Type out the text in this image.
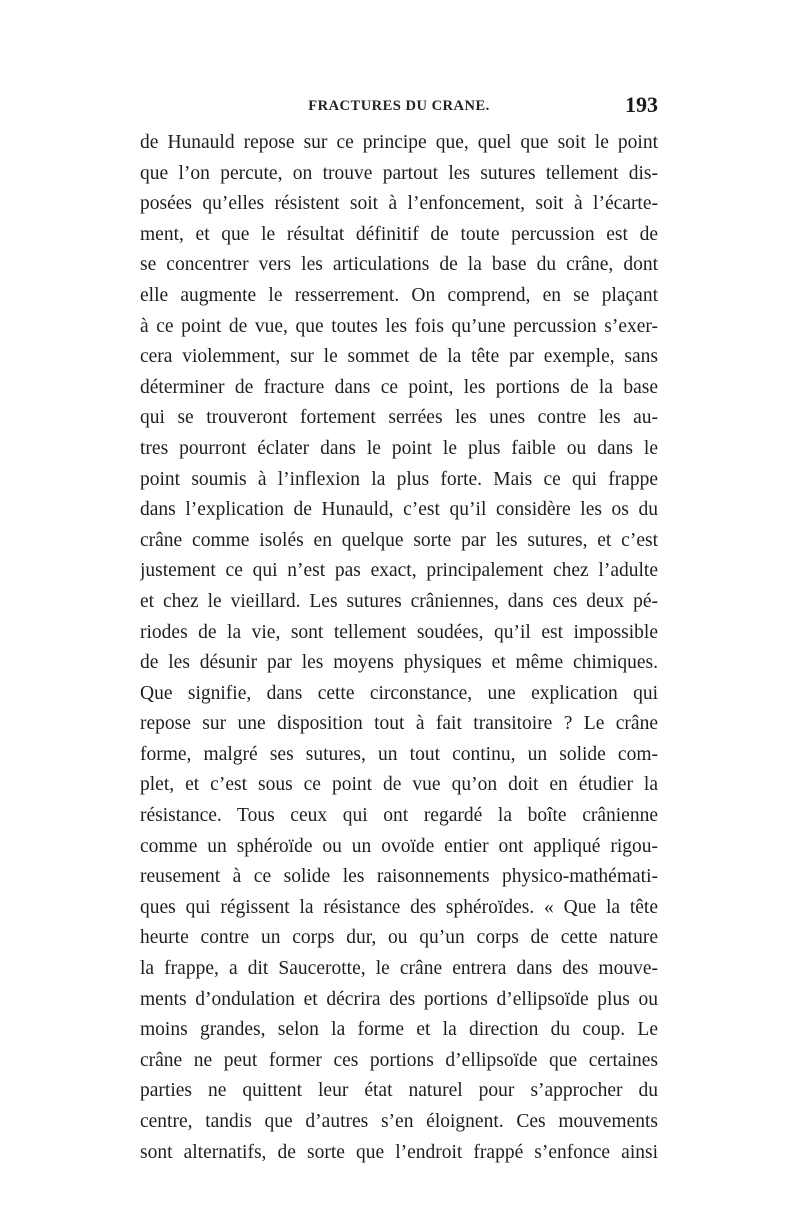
FRACTURES DU CRANE.	193
de Hunauld repose sur ce principe que, quel que soit le point
que l’on percute, on trouve partout les sutures tellement dis-
posées qu’elles résistent soit à l’enfoncement, soit à l’écarte-
ment, et que le résultat définitif de toute percussion est de
se concentrer vers les articulations de la base du crâne, dont
elle augmente le resserrement. On comprend, en se plaçant
à ce point de vue, que toutes les fois qu’une percussion s’exer-
cera violemment, sur le sommet de la tête par exemple, sans
déterminer de fracture dans ce point, les portions de la base
qui se trouveront fortement serrées les unes contre les au-
tres pourront éclater dans le point le plus faible ou dans le
point soumis à l’inflexion la plus forte. Mais ce qui frappe
dans l’explication de Hunauld, c’est qu’il considère les os du
crâne comme isolés en quelque sorte par les sutures, et c’est
justement ce qui n’est pas exact, principalement chez l’adulte
et chez le vieillard. Les sutures crâniennes, dans ces deux pé-
riodes de la vie, sont tellement soudées, qu’il est impossible
de les désunir par les moyens physiques et même chimiques.
Que signifie, dans cette circonstance, une explication qui
repose sur une disposition tout à fait transitoire ? Le crâne
forme, malgré ses sutures, un tout continu, un solide com-
plet, et c’est sous ce point de vue qu’on doit en étudier la
résistance. Tous ceux qui ont regardé la boîte crânienne
comme un sphéroïde ou un ovoïde entier ont appliqué rigou-
reusement à ce solide les raisonnements physico-mathémati-
ques qui régissent la résistance des sphéroïdes. « Que la tête
heurte contre un corps dur, ou qu’un corps de cette nature
la frappe, a dit Saucerotte, le crâne entrera dans des mouve-
ments d’ondulation et décrira des portions d’ellipsoïde plus ou
moins grandes, selon la forme et la direction du coup. Le
crâne ne peut former ces portions d’ellipsoïde que certaines
parties ne quittent leur état naturel pour s’approcher du
centre, tandis que d’autres s’en éloignent. Ces mouvements
sont alternatifs, de sorte que l’endroit frappé s’enfonce ainsi
